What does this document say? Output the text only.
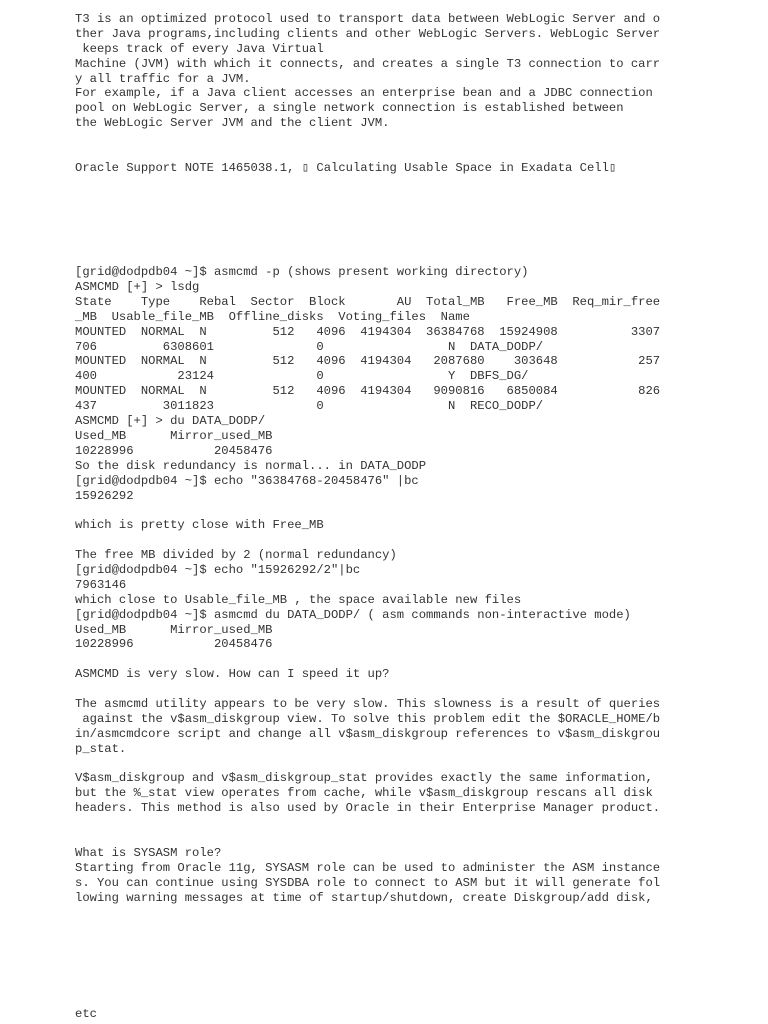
T3 is an optimized protocol used to transport data between WebLogic Server and o
ther Java programs,including clients and other WebLogic Servers. WebLogic Server
keeps track of every Java Virtual
Machine (JVM) with which it connects, and creates a single T3 connection to carr
y all traffic for a JVM.
For example, if a Java client accesses an enterprise bean and a JDBC connection
pool on WebLogic Server, a single network connection is established between
the WebLogic Server JVM and the client JVM.
Oracle Support NOTE 1465038.1, ▯ Calculating Usable Space in Exadata Cell▯
[grid@dodpdb04 ~]$ asmcmd -p (shows present working directory)
ASMCMD [+] > lsdg
State    Type    Rebal  Sector  Block       AU  Total_MB   Free_MB  Req_mir_free
_MB  Usable_file_MB  Offline_disks  Voting_files  Name
MOUNTED  NORMAL  N         512   4096  4194304  36384768  15924908          3307
706         6308601              0                 N  DATA_DODP/
MOUNTED  NORMAL  N         512   4096  4194304   2087680    303648           257
400           23124              0                 Y  DBFS_DG/
MOUNTED  NORMAL  N         512   4096  4194304   9090816   6850084           826
437         3011823              0                 N  RECO_DODP/
ASMCMD [+] > du DATA_DODP/
Used_MB      Mirror_used_MB
10228996           20458476
So the disk redundancy is normal... in DATA_DODP
[grid@dodpdb04 ~]$ echo "36384768-20458476" |bc
15926292
which is pretty close with Free_MB
The free MB divided by 2 (normal redundancy)
[grid@dodpdb04 ~]$ echo "15926292/2"|bc
7963146
which close to Usable_file_MB , the space available new files
[grid@dodpdb04 ~]$ asmcmd du DATA_DODP/ ( asm commands non-interactive mode)
Used_MB      Mirror_used_MB
10228996           20458476
ASMCMD is very slow. How can I speed it up?
The asmcmd utility appears to be very slow. This slowness is a result of queries
against the v$asm_diskgroup view. To solve this problem edit the $ORACLE_HOME/b
in/asmcmdcore script and change all v$asm_diskgroup references to v$asm_diskgrou
p_stat.
V$asm_diskgroup and v$asm_diskgroup_stat provides exactly the same information,
but the %_stat view operates from cache, while v$asm_diskgroup rescans all disk
headers. This method is also used by Oracle in their Enterprise Manager product.
What is SYSASM role?
Starting from Oracle 11g, SYSASM role can be used to administer the ASM instance
s. You can continue using SYSDBA role to connect to ASM but it will generate fol
lowing warning messages at time of startup/shutdown, create Diskgroup/add disk,
etc
